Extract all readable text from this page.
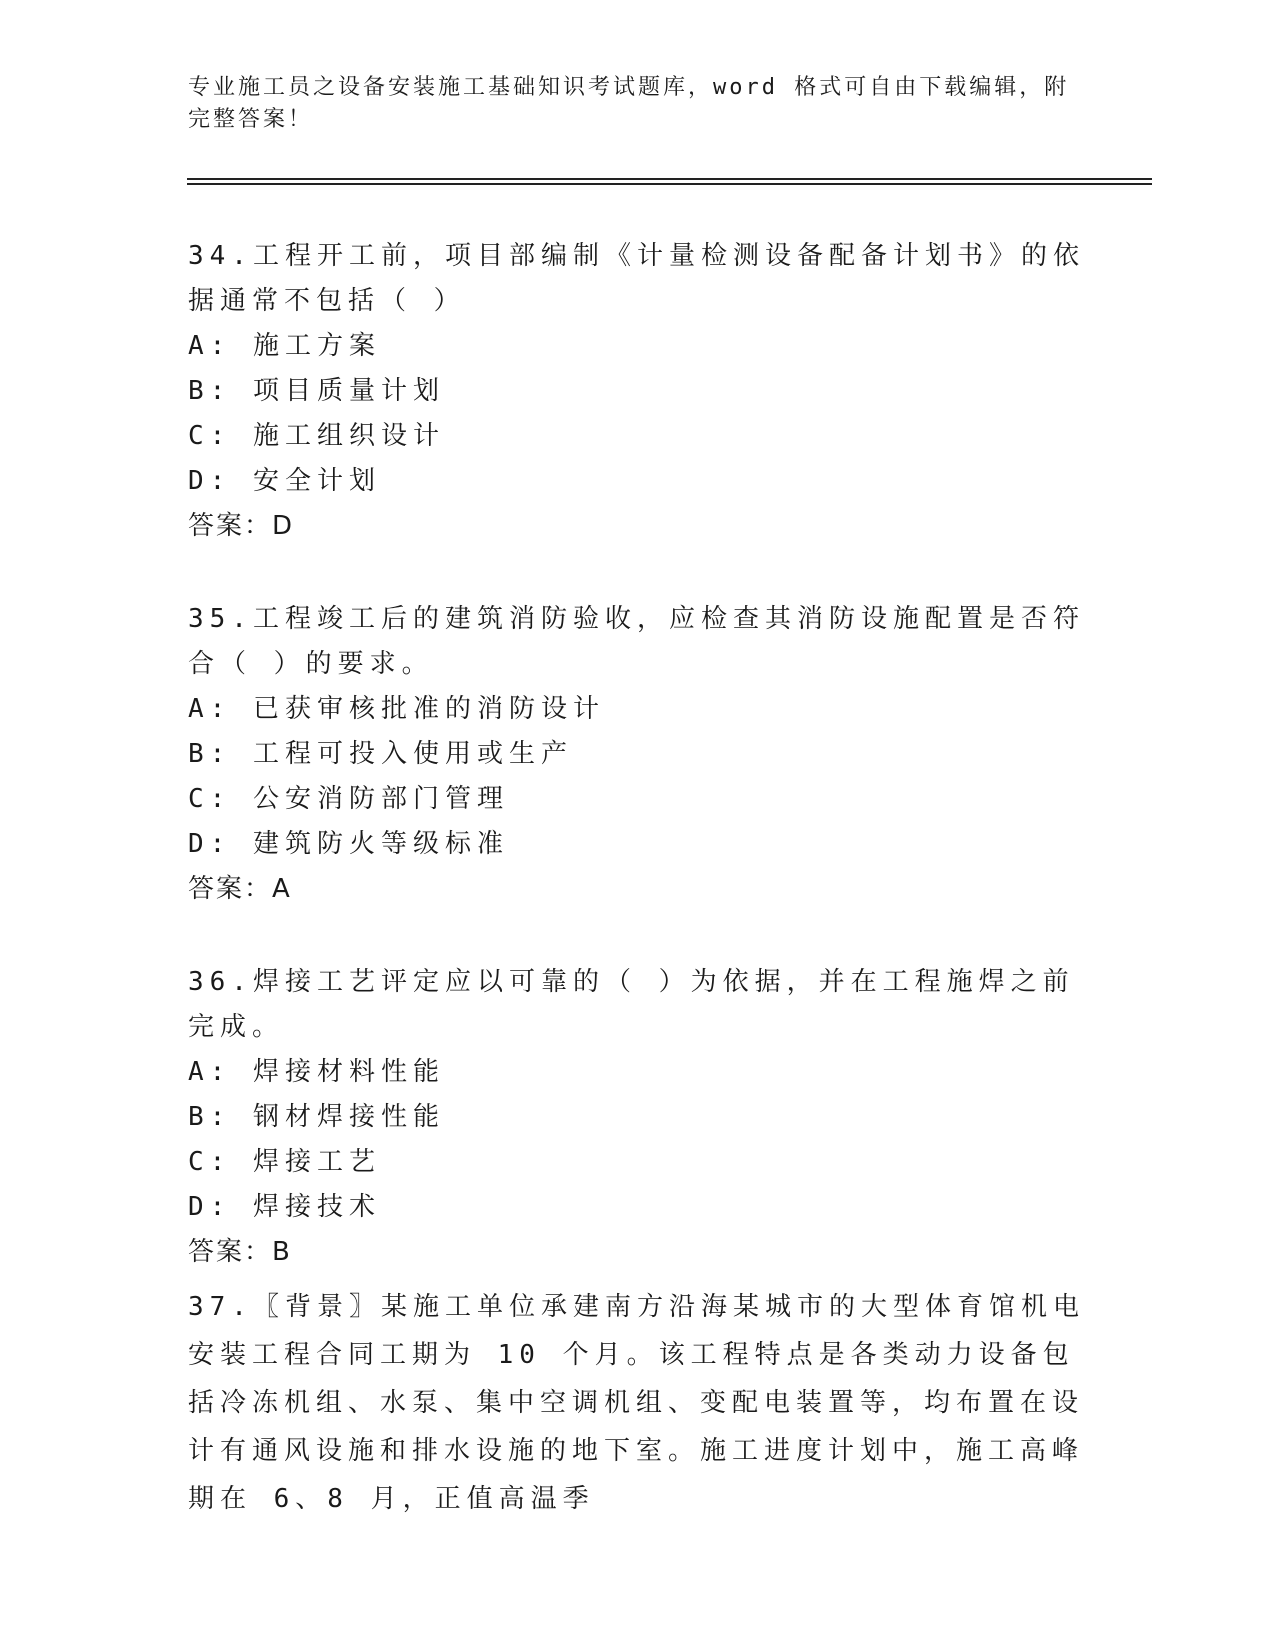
专业施工员之设备安装施工基础知识考试题库，word 格式可自由下载编辑，附完整答案！
34.工程开工前，项目部编制《计量检测设备配备计划书》的依据通常不包括（ ）
A: 施工方案
B: 项目质量计划
C: 施工组织设计
D: 安全计划
答案：D
35.工程竣工后的建筑消防验收，应检查其消防设施配置是否符合（ ）的要求。
A: 已获审核批准的消防设计
B: 工程可投入使用或生产
C: 公安消防部门管理
D: 建筑防火等级标准
答案：A
36.焊接工艺评定应以可靠的（ ）为依据，并在工程施焊之前完成。
A: 焊接材料性能
B: 钢材焊接性能
C: 焊接工艺
D: 焊接技术
答案：B
37.〖背景〗某施工单位承建南方沿海某城市的大型体育馆机电安装工程合同工期为 10 个月。该工程特点是各类动力设备包括冷冻机组、水泵、集中空调机组、变配电装置等，均布置在设计有通风设施和排水设施的地下室。施工进度计划中，施工高峰期在 6、8 月，正值高温季
